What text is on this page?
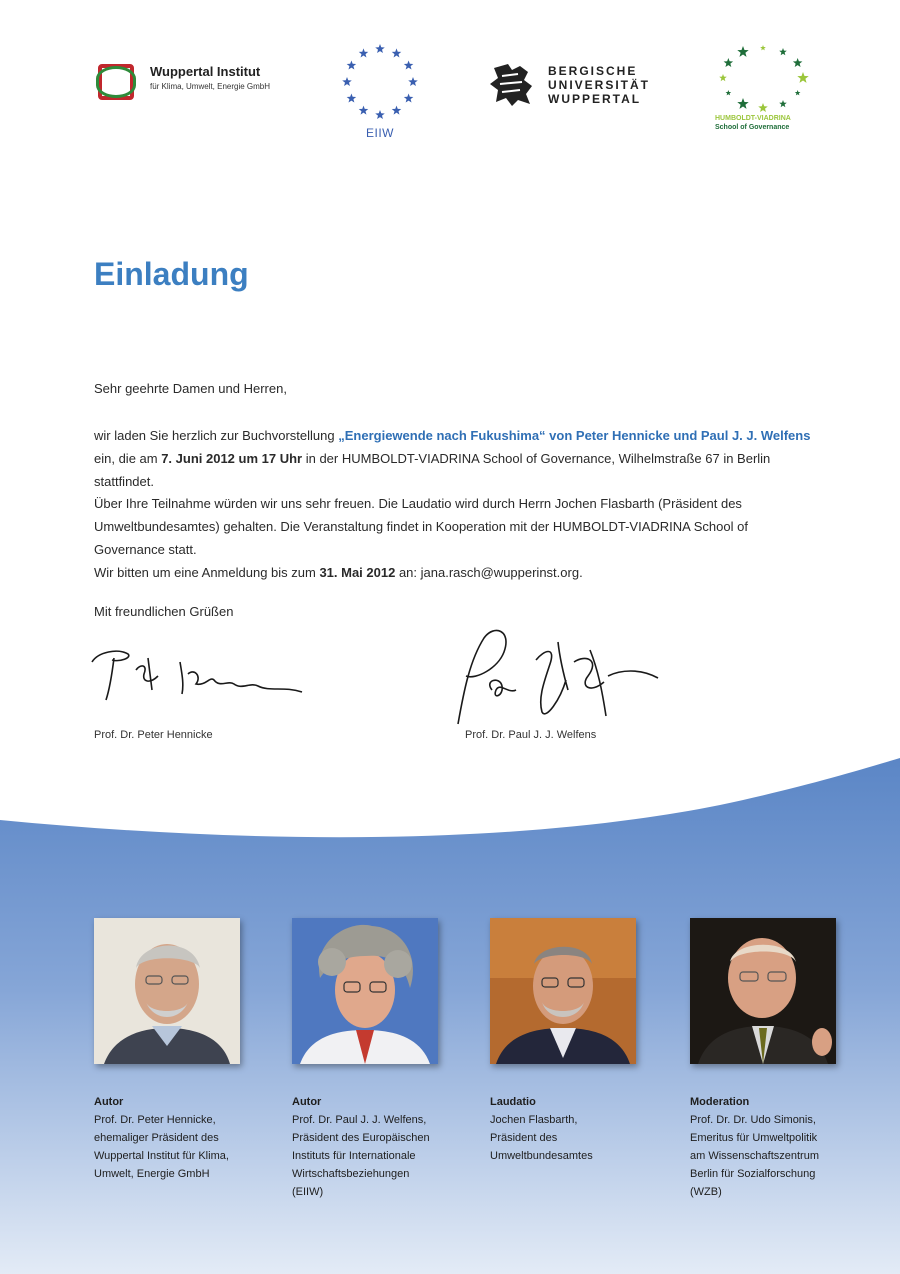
Wuppertal Institut
für Klima, Umwelt, Energie GmbH
EIIW
BERGISCHE
UNIVERSITÄT
WUPPERTAL
HUMBOLDT-VIADRINA
School of Governance
Einladung
Sehr geehrte Damen und Herren,
wir laden Sie herzlich zur Buchvorstellung „Energiewende nach Fukushima“ von Peter Hennicke und Paul J. J. Welfens ein, die am 7. Juni 2012 um 17 Uhr in der HUMBOLDT-VIADRINA School of Governance, Wilhelmstraße 67 in Berlin stattfindet.
Über Ihre Teilnahme würden wir uns sehr freuen. Die Laudatio wird durch Herrn Jochen Flasbarth (Präsident des Umweltbundesamtes) gehalten. Die Veranstaltung findet in Kooperation mit der HUMBOLDT-VIADRINA School of Governance statt.
Wir bitten um eine Anmeldung bis zum 31. Mai 2012 an: jana.rasch@wupperinst.org.
Mit freundlichen Grüßen
Prof. Dr. Peter Hennicke	Prof. Dr. Paul J. J. Welfens
Autor
Prof. Dr. Peter Hennicke,
ehemaliger Präsident des
Wuppertal Institut für Klima,
Umwelt, Energie GmbH
Autor
Prof. Dr. Paul J. J. Welfens,
Präsident des Europäischen
Instituts für Internationale
Wirtschaftsbeziehungen
(EIIW)
Laudatio
Jochen Flasbarth,
Präsident des
Umweltbundesamtes
Moderation
Prof. Dr. Dr. Udo Simonis,
Emeritus für Umweltpolitik
am Wissenschaftszentrum
Berlin für Sozialforschung
(WZB)
